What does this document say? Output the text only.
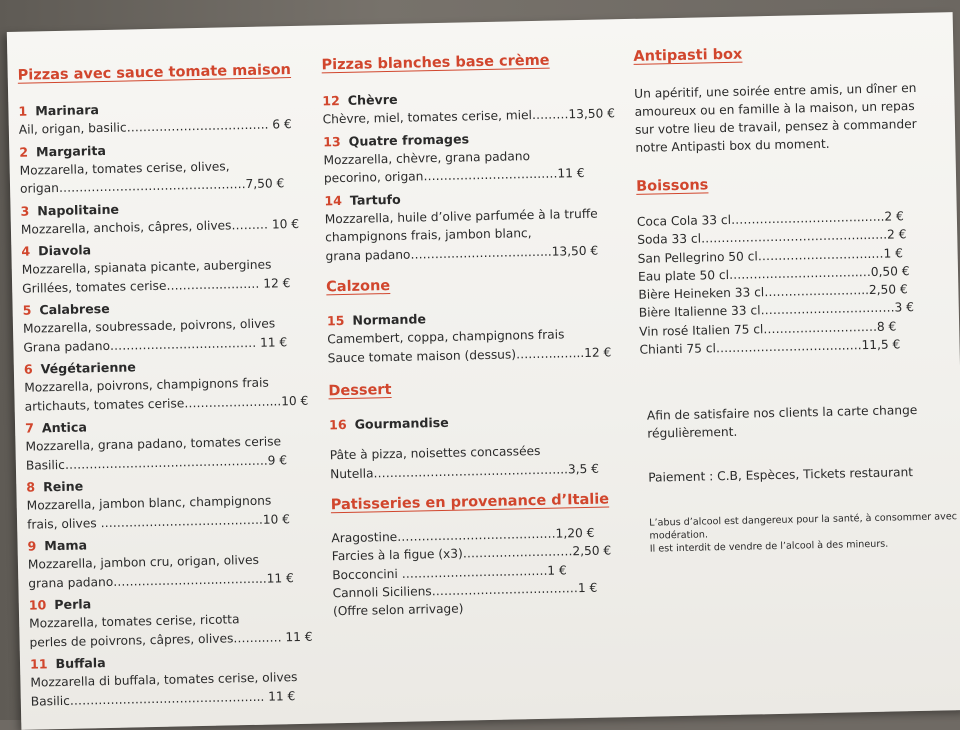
Pizzas avec sauce tomate maison
1 Marinara
Ail, origan, basilic…………………………….. 6 €
2 Margarita
Mozzarella, tomates cerise, olives,
origan……………………………………….7,50 €
3 Napolitaine
Mozzarella, anchois, câpres, olives……… 10 €
4 Diavola
Mozzarella, spianata picante, aubergines
Grillées, tomates cerise…………..……… 12 €
5 Calabrese
Mozzarella, soubressade, poivrons, olives
Grana padano……………………………… 11 €
6 Végétarienne
Mozzarella, poivrons, champignons frais
artichauts, tomates cerise…………………...10 €
7 Antica
Mozzarella, grana padano, tomates cerise
Basilic…………………………………………..9 €
8 Reine
Mozzarella, jambon blanc, champignons
frais, olives ………………………………….10 €
9 Mama
Mozzarella, jambon cru, origan, olives
grana padano……………………..………...11 €
10 Perla
Mozzarella, tomates cerise, ricotta
perles de poivrons, câpres, olives……..…. 11 €
11 Buffala
Mozzarella di buffala, tomates cerise, olives
Basilic………………………………………... 11 €
Pizzas blanches base crème
12 Chèvre
Chèvre, miel, tomates cerise, miel………13,50 €
13 Quatre fromages
Mozzarella, chèvre, grana padano
pecorino, origan……………………………11 €
14 Tartufo
Mozzarella, huile d’olive parfumée à la truffe
champignons frais, jambon blanc,
grana padano………………………..…...13,50 €
Calzone
15 Normande
Camembert, coppa, champignons frais
Sauce tomate maison (dessus)………..…...12 €
Dessert
16 Gourmandise
Pâte à pizza, noisettes concassées
Nutella………………………………………...3,5 €
Patisseries en provenance d’Italie
Aragostine…………………………………1,20 €
Farcies à la figue (x3)………………………2,50 €
Bocconcini ……………………..……….1 €
Cannoli Siciliens………………………………1 €
(Offre selon arrivage)
Antipasti box

Un apéritif, une soirée entre amis, un dîner en amoureux ou en famille à la maison, un repas sur votre lieu de travail, pensez à commander notre Antipasti box du moment.

Boissons
Coca Cola 33 cl…………………………...…..2 €
Soda 33 cl…………………………………...….2 €
San Pellegrino 50 cl……………………….…1 €
Eau plate 50 cl…………………………..…0,50 €
Bière Heineken 33 cl……………..……...2,50 €
Bière Italienne 33 cl……………………………3 €
Vin rosé Italien 75 cl……………………….8 €
Chianti 75 cl…………………………..….11,5 €

Afin de satisfaire nos clients la carte change régulièrement.

Paiement : C.B, Espèces, Tickets restaurant

L’abus d’alcool est dangereux pour la santé, à consommer avec modération.

Il est interdit de vendre de l’alcool à des mineurs.
